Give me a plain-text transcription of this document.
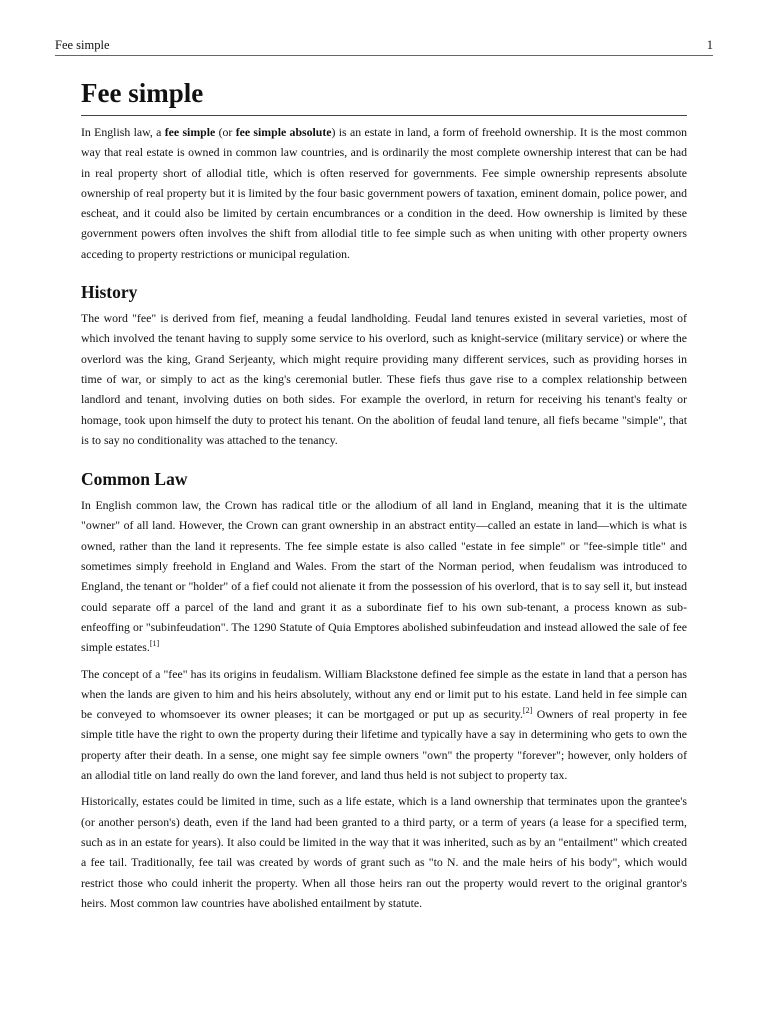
Fee simple	1
Fee simple

In English law, a fee simple (or fee simple absolute) is an estate in land, a form of freehold ownership. It is the most common way that real estate is owned in common law countries, and is ordinarily the most complete ownership interest that can be had in real property short of allodial title, which is often reserved for governments. Fee simple ownership represents absolute ownership of real property but it is limited by the four basic government powers of taxation, eminent domain, police power, and escheat, and it could also be limited by certain encumbrances or a condition in the deed. How ownership is limited by these government powers often involves the shift from allodial title to fee simple such as when uniting with other property owners acceding to property restrictions or municipal regulation.

History

The word "fee" is derived from fief, meaning a feudal landholding. Feudal land tenures existed in several varieties, most of which involved the tenant having to supply some service to his overlord, such as knight-service (military service) or where the overlord was the king, Grand Serjeanty, which might require providing many different services, such as providing horses in time of war, or simply to act as the king's ceremonial butler. These fiefs thus gave rise to a complex relationship between landlord and tenant, involving duties on both sides. For example the overlord, in return for receiving his tenant's fealty or homage, took upon himself the duty to protect his tenant. On the abolition of feudal land tenure, all fiefs became "simple", that is to say no conditionality was attached to the tenancy.

Common Law

In English common law, the Crown has radical title or the allodium of all land in England, meaning that it is the ultimate "owner" of all land. However, the Crown can grant ownership in an abstract entity—called an estate in land—which is what is owned, rather than the land it represents. The fee simple estate is also called "estate in fee simple" or "fee-simple title" and sometimes simply freehold in England and Wales. From the start of the Norman period, when feudalism was introduced to England, the tenant or "holder" of a fief could not alienate it from the possession of his overlord, that is to say sell it, but instead could separate off a parcel of the land and grant it as a subordinate fief to his own sub-tenant, a process known as sub-enfeoffing or "subinfeudation". The 1290 Statute of Quia Emptores abolished subinfeudation and instead allowed the sale of fee simple estates.[1]

The concept of a "fee" has its origins in feudalism. William Blackstone defined fee simple as the estate in land that a person has when the lands are given to him and his heirs absolutely, without any end or limit put to his estate. Land held in fee simple can be conveyed to whomsoever its owner pleases; it can be mortgaged or put up as security.[2] Owners of real property in fee simple title have the right to own the property during their lifetime and typically have a say in determining who gets to own the property after their death. In a sense, one might say fee simple owners "own" the property "forever"; however, only holders of an allodial title on land really do own the land forever, and land thus held is not subject to property tax.

Historically, estates could be limited in time, such as a life estate, which is a land ownership that terminates upon the grantee's (or another person's) death, even if the land had been granted to a third party, or a term of years (a lease for a specified term, such as in an estate for years). It also could be limited in the way that it was inherited, such as by an "entailment" which created a fee tail. Traditionally, fee tail was created by words of grant such as "to N. and the male heirs of his body", which would restrict those who could inherit the property. When all those heirs ran out the property would revert to the original grantor's heirs. Most common law countries have abolished entailment by statute.
